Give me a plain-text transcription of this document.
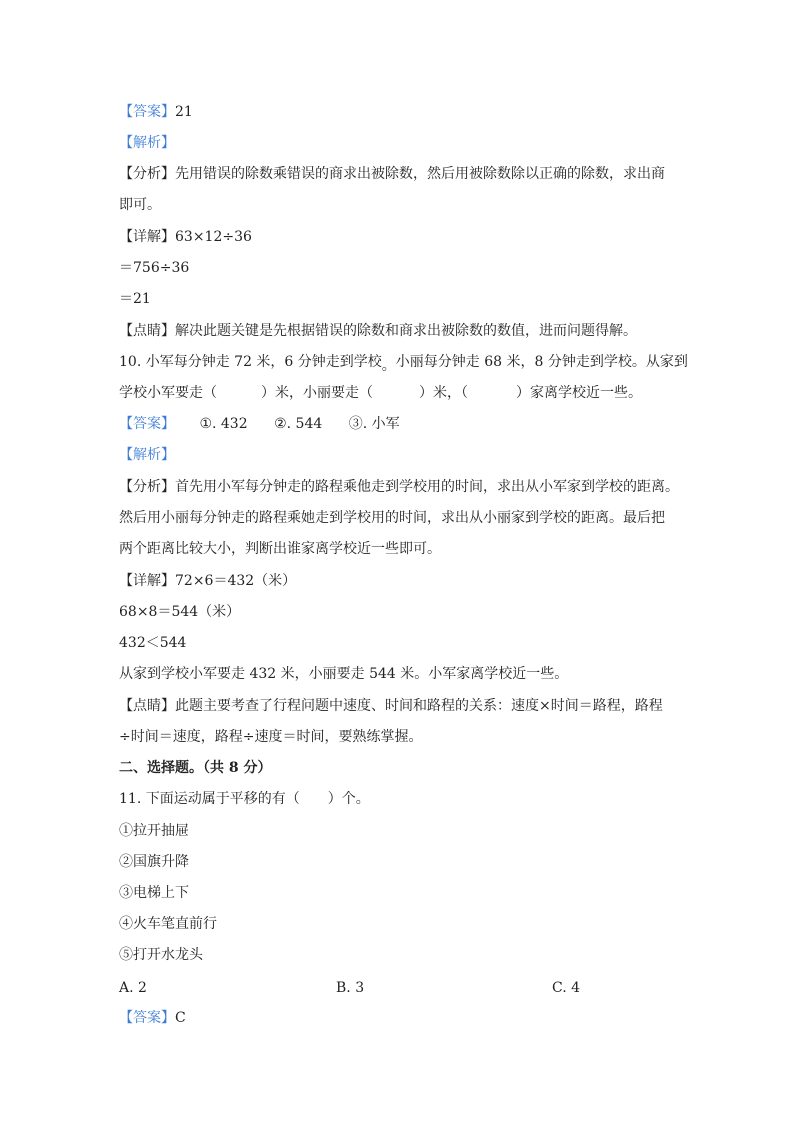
【答案】21
【解析】
【分析】先用错误的除数乘错误的商求出被除数，然后用被除数除以正确的除数，求出商
即可。
【详解】63×12÷36
＝756÷36
＝21
【点睛】解决此题关键是先根据错误的除数和商求出被除数的数值，进而问题得解。
10. 小军每分钟走 72 米，6 分钟走到学校。小丽每分钟走 68 米，8 分钟走到学校。从家到
学校小军要走（	）米，小丽要走（	）米，（	）家离学校近一些。
【答案】 ①. 432 ②. 544 ③. 小军
【解析】
【分析】首先用小军每分钟走的路程乘他走到学校用的时间，求出从小军家到学校的距离。
然后用小丽每分钟走的路程乘她走到学校用的时间，求出从小丽家到学校的距离。最后把
两个距离比较大小，判断出谁家离学校近一些即可。
【详解】72×6＝432（米）
68×8＝544（米）
432＜544
从家到学校小军要走 432 米，小丽要走 544 米。小军家离学校近一些。
【点睛】此题主要考查了行程问题中速度、时间和路程的关系：速度×时间＝路程，路程
÷时间＝速度，路程÷速度＝时间，要熟练掌握。
二、选择题。（共 8 分）
11. 下面运动属于平移的有（ ）个。
①拉开抽屉
②国旗升降
③电梯上下
④火车笔直前行
⑤打开水龙头
A. 2	B. 3	C. 4
【答案】C
